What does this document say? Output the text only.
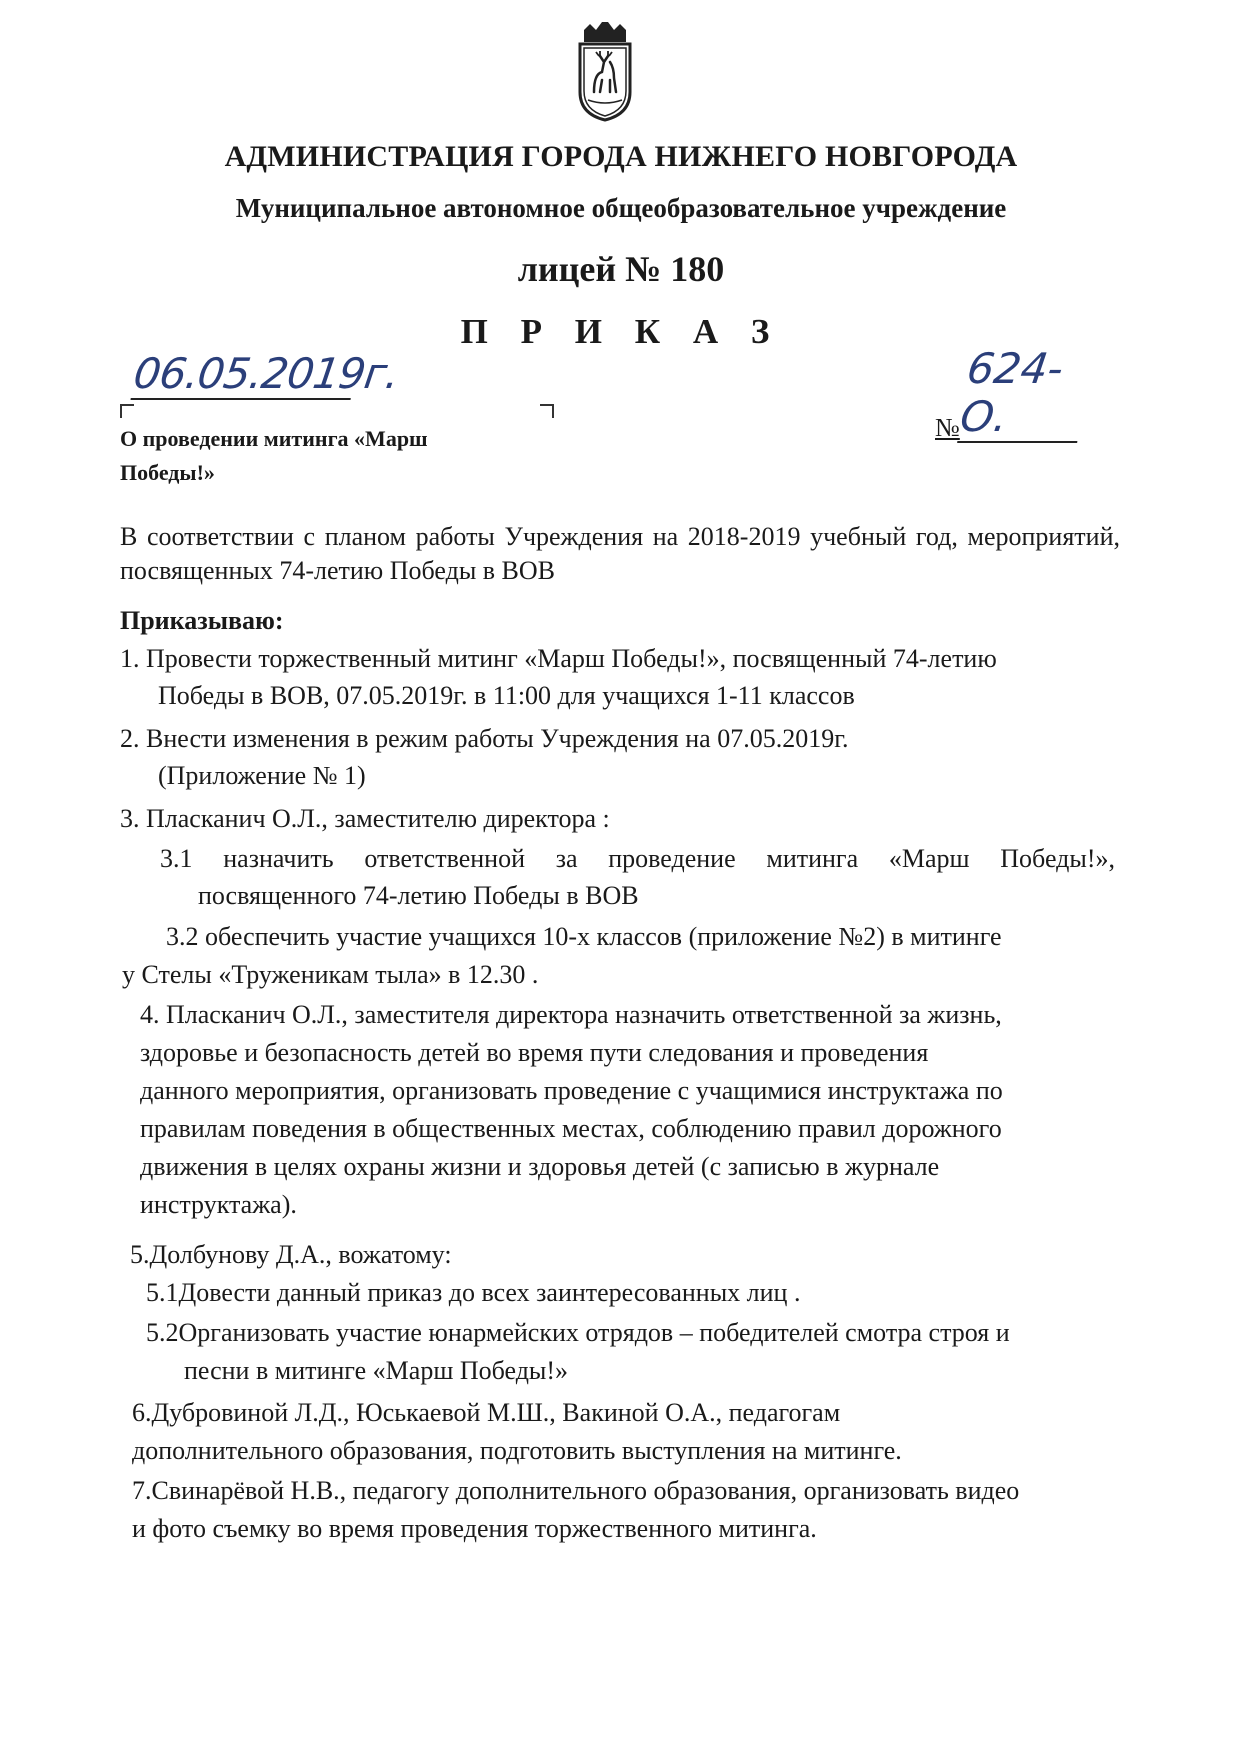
АДМИНИСТРАЦИЯ ГОРОДА НИЖНЕГО НОВГОРОДА
Муниципальное автономное общеобразовательное учреждение
лицей № 180
П Р И К А З
06.05.2019г.
№ 624-О.
О проведении митинга «Марш Победы!»
В соответствии с планом работы Учреждения на 2018-2019 учебный год, мероприятий, посвященных 74-летию Победы в ВОВ
Приказываю:
1. Провести торжественный митинг «Марш Победы!», посвященный 74-летию
Победы в ВОВ, 07.05.2019г. в 11:00 для учащихся 1-11 классов
2. Внести изменения в режим работы Учреждения на 07.05.2019г.
(Приложение № 1)
3. Пласканич О.Л., заместителю директора :
3.1 назначить ответственной за проведение митинга «Марш Победы!»,
посвященного 74-летию Победы в ВОВ
3.2 обеспечить участие учащихся 10-х классов (приложение №2) в митинге
у Стелы «Труженикам тыла» в 12.30 .
4. Пласканич О.Л., заместителя директора назначить ответственной за жизнь,
здоровье и безопасность детей во время пути следования и проведения
данного мероприятия, организовать проведение с учащимися инструктажа по
правилам поведения в общественных местах, соблюдению правил дорожного
движения в целях охраны жизни и здоровья детей (с записью в журнале
инструктажа).
5.Долбунову Д.А., вожатому:
5.1Довести данный приказ до всех заинтересованных лиц .
5.2Организовать участие юнармейских отрядов – победителей смотра строя и
песни в митинге «Марш Победы!»
6.Дубровиной Л.Д., Юськаевой М.Ш., Вакиной О.А., педагогам
дополнительного образования, подготовить выступления на митинге.
7.Свинарёвой Н.В., педагогу дополнительного образования, организовать видео
и фото съемку во время проведения торжественного митинга.
